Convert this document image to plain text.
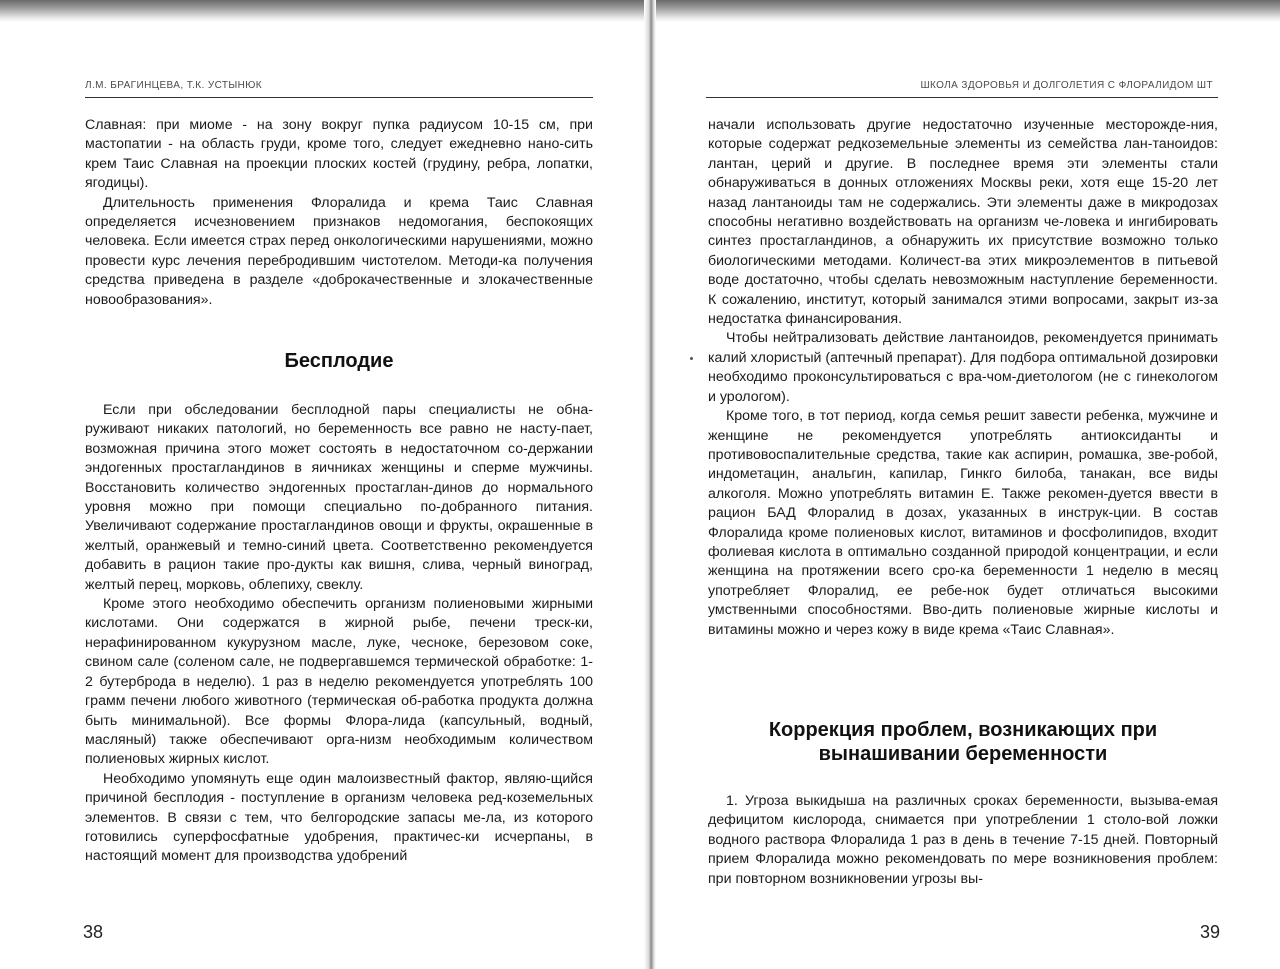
Л.М. БРАГИНЦЕВА, Т.К. УСТЫНЮК

Славная: при миоме - на зону вокруг пупка радиусом 10-15 см, при мастопатии - на область груди, кроме того, следует ежедневно нано-сить крем Таис Славная на проекции плоских костей (грудину, ребра, лопатки, ягодицы).

Длительность применения Флоралида и крема Таис Славная определяется исчезновением признаков недомогания, беспокоящих человека. Если имеется страх перед онкологическими нарушениями, можно провести курс лечения перебродившим чистотелом. Методи-ка получения средства приведена в разделе «доброкачественные и злокачественные новообразования».

Бесплодие

Если при обследовании бесплодной пары специалисты не обна-руживают никаких патологий, но беременность все равно не насту-пает, возможная причина этого может состоять в недостаточном со-держании эндогенных простагландинов в яичниках женщины и сперме мужчины. Восстановить количество эндогенных простаглан-динов до нормального уровня можно при помощи специально по-добранного питания. Увеличивают содержание простагландинов овощи и фрукты, окрашенные в желтый, оранжевый и темно-синий цвета. Соответственно рекомендуется добавить в рацион такие про-дукты как вишня, слива, черный виноград, желтый перец, морковь, облепиху, свеклу.

Кроме этого необходимо обеспечить организм полиеновыми жирными кислотами. Они содержатся в жирной рыбе, печени треск-ки, нерафинированном кукурузном масле, луке, чесноке, березовом соке, свином сале (соленом сале, не подвергавшемся термической обработке: 1-2 бутерброда в неделю). 1 раз в неделю рекомендуется употреблять 100 грамм печени любого животного (термическая об-работка продукта должна быть минимальной). Все формы Флора-лида (капсульный, водный, масляный) также обеспечивают орга-низм необходимым количеством полиеновых жирных кислот.

Необходимо упомянуть еще один малоизвестный фактор, являю-щийся причиной бесплодия - поступление в организм человека ред-коземельных элементов. В связи с тем, что белгородские запасы ме-ла, из которого готовились суперфосфатные удобрения, практичес-ки исчерпаны, в настоящий момент для производства удобрений

38
ШКОЛА ЗДОРОВЬЯ И ДОЛГОЛЕТИЯ С ФЛОРАЛИДОМ ШТ

начали использовать другие недостаточно изученные месторожде-ния, которые содержат редкоземельные элементы из семейства лан-таноидов: лантан, церий и другие. В последнее время эти элементы стали обнаруживаться в донных отложениях Москвы реки, хотя еще 15-20 лет назад лантаноиды там не содержались. Эти элементы даже в микродозах способны негативно воздействовать на организм че-ловека и ингибировать синтез простагландинов, а обнаружить их присутствие возможно только биологическими методами. Количест-ва этих микроэлементов в питьевой воде достаточно, чтобы сделать невозможным наступление беременности. К сожалению, институт, который занимался этими вопросами, закрыт из-за недостатка финансирования.

Чтобы нейтрализовать действие лантаноидов, рекомендуется принимать калий хлористый (аптечный препарат). Для подбора оптимальной дозировки необходимо проконсультироваться с вра-чом-диетологом (не с гинекологом и урологом).

Кроме того, в тот период, когда семья решит завести ребенка, мужчине и женщине не рекомендуется употреблять антиоксиданты и противовоспалительные средства, такие как аспирин, ромашка, зве-робой, индометацин, анальгин, капилар, Гинкго билоба, танакан, все виды алкоголя. Можно употреблять витамин Е. Также рекомен-дуется ввести в рацион БАД Флоралид в дозах, указанных в инструк-ции. В состав Флоралида кроме полиеновых кислот, витаминов и фосфолипидов, входит фолиевая кислота в оптимально созданной природой концентрации, и если женщина на протяжении всего сро-ка беременности 1 неделю в месяц употребляет Флоралид, ее ребе-нок будет отличаться высокими умственными способностями. Вво-дить полиеновые жирные кислоты и витамины можно и через кожу в виде крема «Таис Славная».

Коррекция проблем, возникающих при вынашивании беременности

1. Угроза выкидыша на различных сроках беременности, вызыва-емая дефицитом кислорода, снимается при употреблении 1 столо-вой ложки водного раствора Флоралида 1 раз в день в течение 7-15 дней. Повторный прием Флоралида можно рекомендовать по мере возникновения проблем: при повторном возникновении угрозы вы-

39
